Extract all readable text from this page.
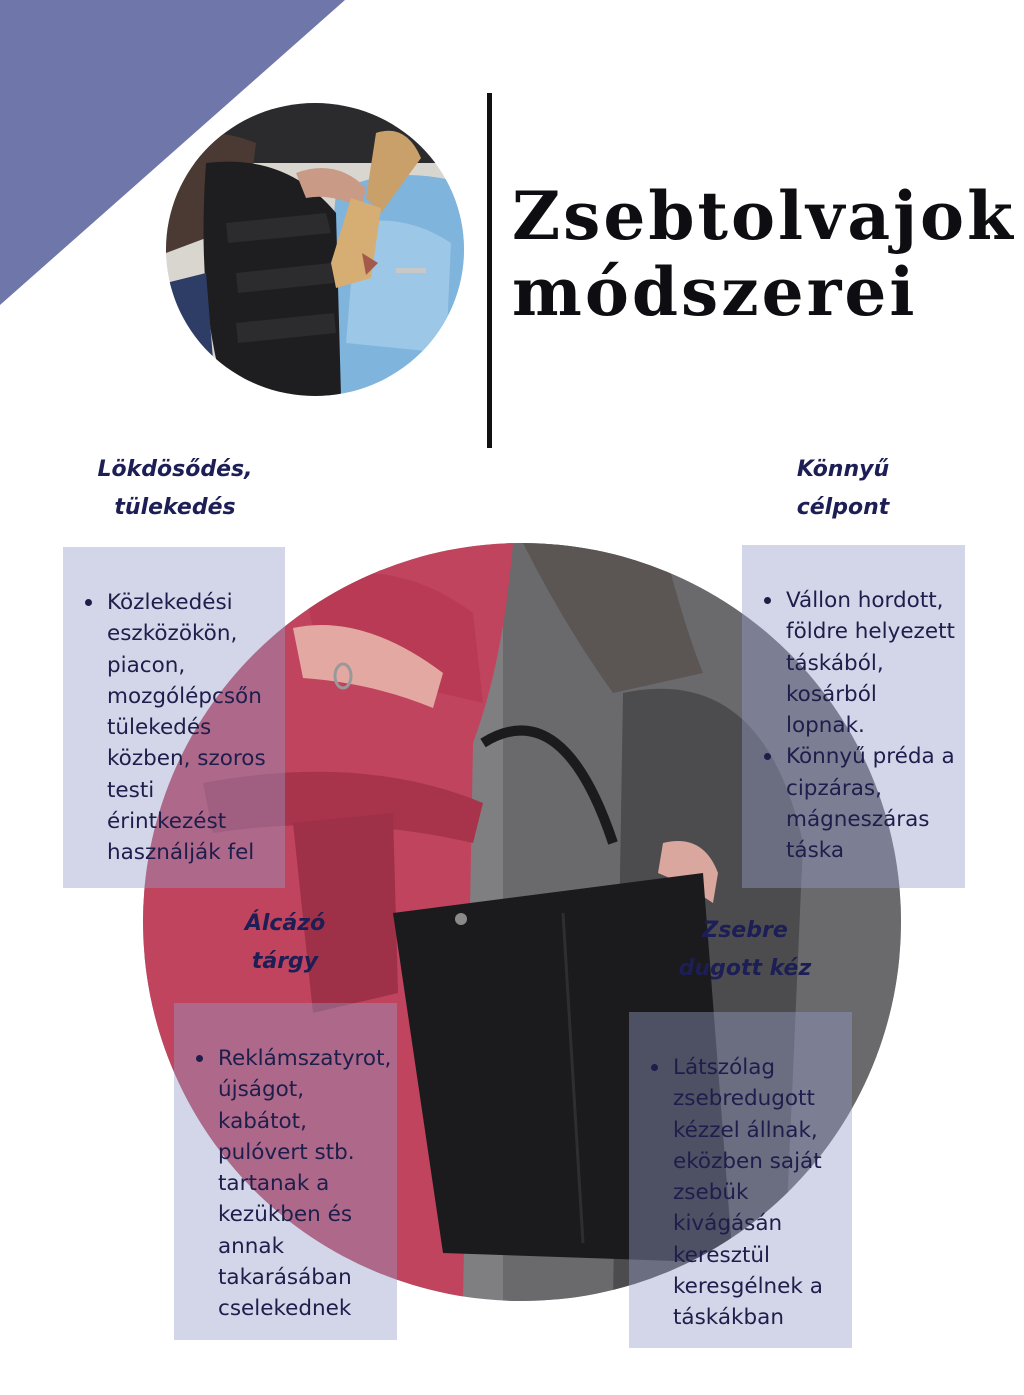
Zsebtolvajok
módszerei
Lökdösődés,
tülekedés
Közlekedési eszközökön, piacon, mozgólépcsőn tülekedés közben, szoros testi érintkezést használják fel
Könnyű
célpont
Vállon hordott, földre helyezett táskából, kosárból lopnak.
Könnyű préda a cipzáras, mágneszáras táska
Álcázó
tárgy
Reklámszatyrot, újságot, kabátot, pulóvert stb. tartanak a kezükben és annak takarásában cselekednek
Zsebre
dugott kéz
Látszólag zsebredugott kézzel állnak, eközben saját zsebük kivágásán keresztül keresgélnek a táskákban
